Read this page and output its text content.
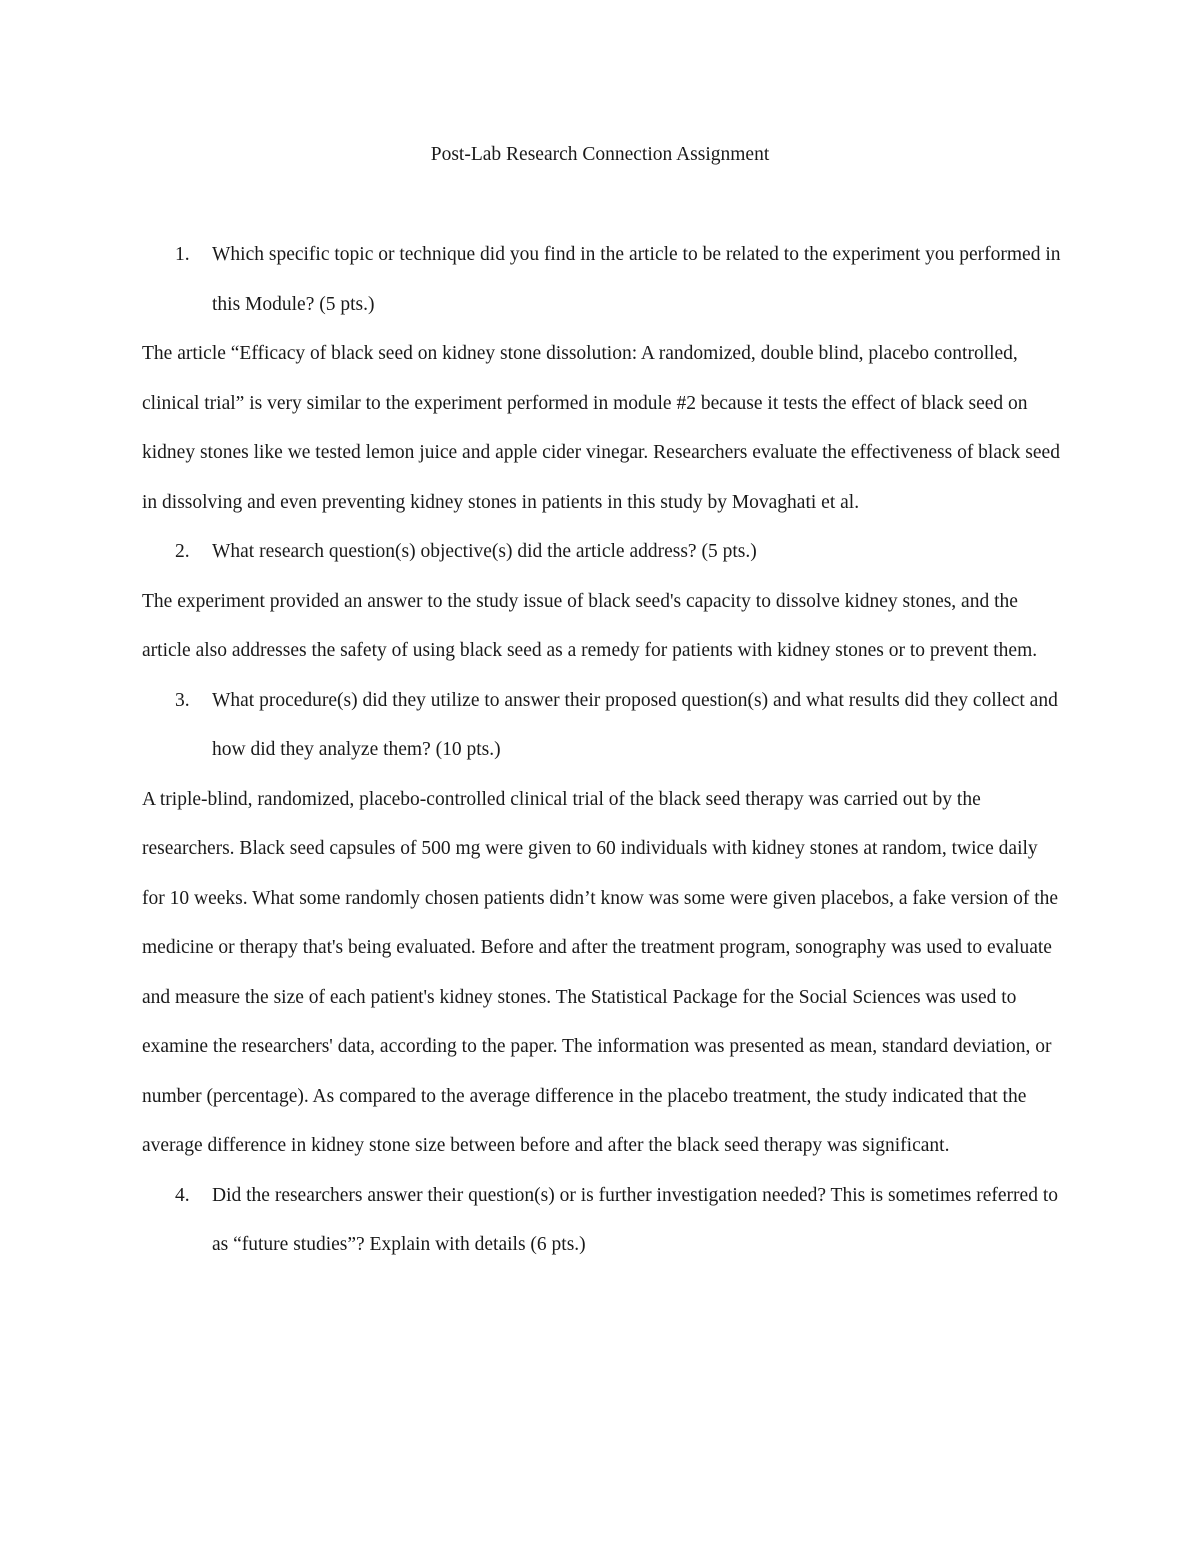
Post-Lab Research Connection Assignment
1. Which specific topic or technique did you find in the article to be related to the experiment you performed in this Module? (5 pts.)

The article “Efficacy of black seed on kidney stone dissolution: A randomized, double blind, placebo controlled, clinical trial” is very similar to the experiment performed in module #2 because it tests the effect of black seed on kidney stones like we tested lemon juice and apple cider vinegar. Researchers evaluate the effectiveness of black seed in dissolving and even preventing kidney stones in patients in this study by Movaghati et al.

2. What research question(s) objective(s) did the article address? (5 pts.)

The experiment provided an answer to the study issue of black seed's capacity to dissolve kidney stones, and the article also addresses the safety of using black seed as a remedy for patients with kidney stones or to prevent them.

3. What procedure(s) did they utilize to answer their proposed question(s) and what results did they collect and how did they analyze them? (10 pts.)

A triple-blind, randomized, placebo-controlled clinical trial of the black seed therapy was carried out by the researchers. Black seed capsules of 500 mg were given to 60 individuals with kidney stones at random, twice daily for 10 weeks. What some randomly chosen patients didn’t know was some were given placebos, a fake version of the medicine or therapy that's being evaluated. Before and after the treatment program, sonography was used to evaluate and measure the size of each patient's kidney stones. The Statistical Package for the Social Sciences was used to examine the researchers' data, according to the paper. The information was presented as mean, standard deviation, or number (percentage). As compared to the average difference in the placebo treatment, the study indicated that the average difference in kidney stone size between before and after the black seed therapy was significant.

4. Did the researchers answer their question(s) or is further investigation needed? This is sometimes referred to as “future studies”? Explain with details (6 pts.)
